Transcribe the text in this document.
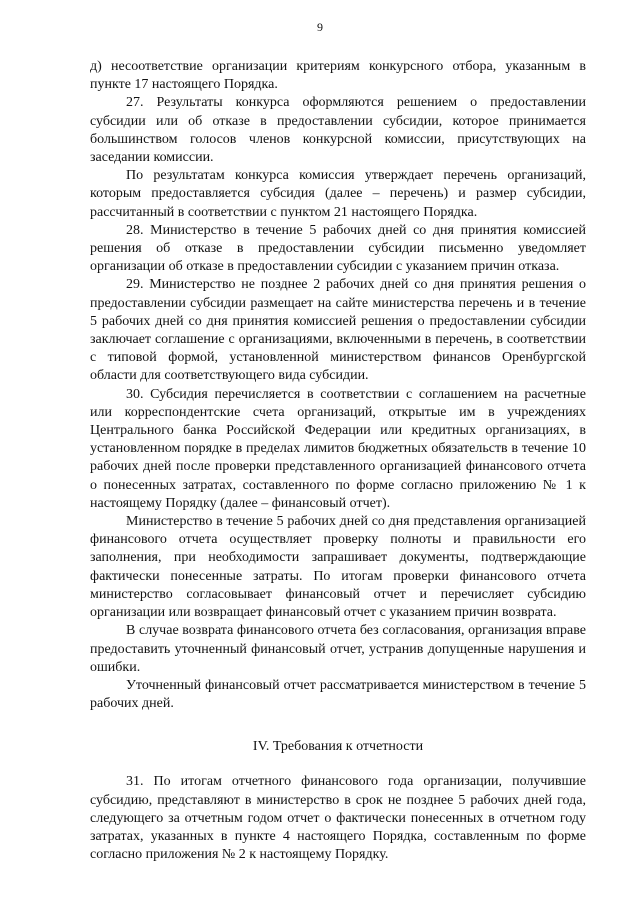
9

д) несоответствие организации критериям конкурсного отбора, указанным в пункте 17 настоящего Порядка.

27. Результаты конкурса оформляются решением о предоставлении субсидии или об отказе в предоставлении субсидии, которое принимается большинством голосов членов конкурсной комиссии, присутствующих на заседании комиссии.

По результатам конкурса комиссия утверждает перечень организаций, которым предоставляется субсидия (далее – перечень) и размер субсидии, рассчитанный в соответствии с пунктом 21 настоящего Порядка.

28. Министерство в течение 5 рабочих дней со дня принятия комиссией решения об отказе в предоставлении субсидии письменно уведомляет организации об отказе в предоставлении субсидии с указанием причин отказа.

29. Министерство не позднее 2 рабочих дней со дня принятия решения о предоставлении субсидии размещает на сайте министерства перечень и в течение 5 рабочих дней со дня принятия комиссией решения о предоставлении субсидии заключает соглашение с организациями, включенными в перечень, в соответствии с типовой формой, установленной министерством финансов Оренбургской области для соответствующего вида субсидии.

30. Субсидия перечисляется в соответствии с соглашением на расчетные или корреспондентские счета организаций, открытые им в учреждениях Центрального банка Российской Федерации или кредитных организациях, в установленном порядке в пределах лимитов бюджетных обязательств в течение 10 рабочих дней после проверки представленного организацией финансового отчета о понесенных затратах, составленного по форме согласно приложению № 1 к настоящему Порядку (далее – финансовый отчет).

Министерство в течение 5 рабочих дней со дня представления организацией финансового отчета осуществляет проверку полноты и правильности его заполнения, при необходимости запрашивает документы, подтверждающие фактически понесенные затраты. По итогам проверки финансового отчета министерство согласовывает финансовый отчет и перечисляет субсидию организации или возвращает финансовый отчет с указанием причин возврата.

В случае возврата финансового отчета без согласования, организация вправе предоставить уточненный финансовый отчет, устранив допущенные нарушения и ошибки.

Уточненный финансовый отчет рассматривается министерством в течение 5 рабочих дней.

IV. Требования к отчетности

31. По итогам отчетного финансового года организации, получившие субсидию, представляют в министерство в срок не позднее 5 рабочих дней года, следующего за отчетным годом отчет о фактически понесенных в отчетном году затратах, указанных в пункте 4 настоящего Порядка, составленным по форме согласно приложения № 2 к настоящему Порядку.
